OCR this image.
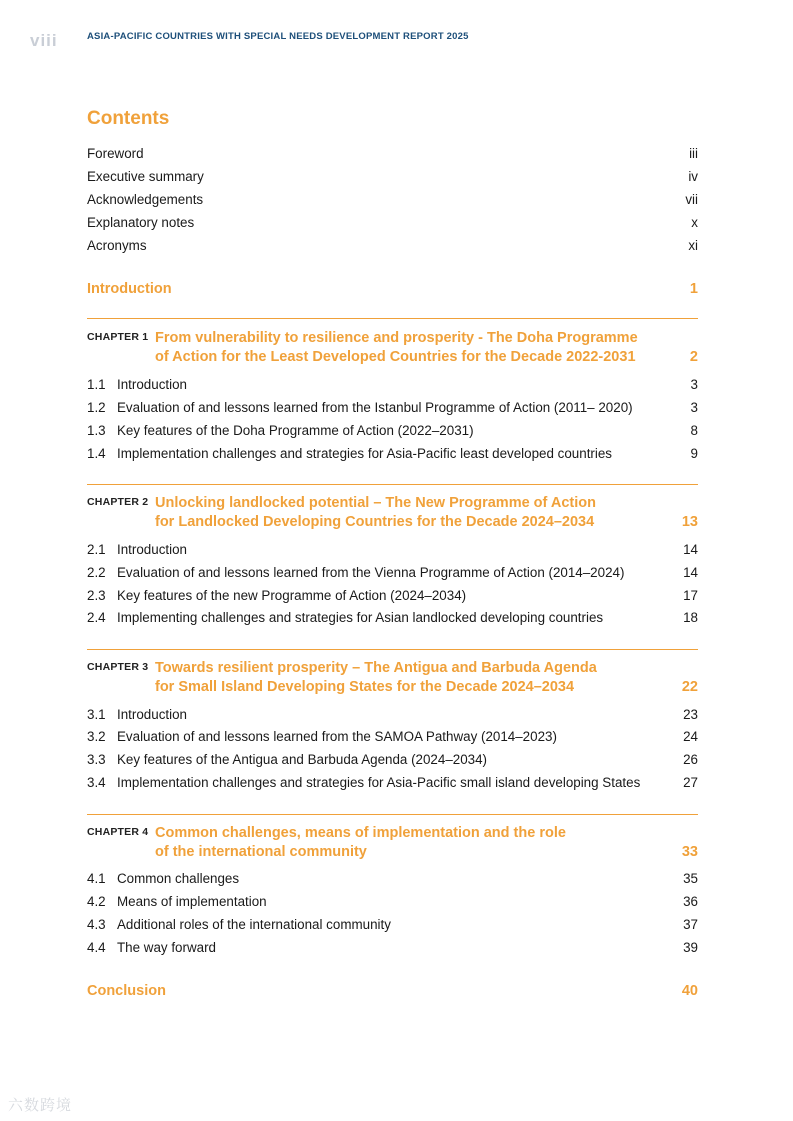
viii	ASIA-PACIFIC COUNTRIES WITH SPECIAL NEEDS DEVELOPMENT REPORT 2025
Contents
Foreword	iii
Executive summary	iv
Acknowledgements	vii
Explanatory notes	x
Acronyms	xi
Introduction	1
CHAPTER 1 From vulnerability to resilience and prosperity - The Doha Programme
of Action for the Least Developed Countries for the Decade 2022-2031	2
1.1 Introduction	3
1.2 Evaluation of and lessons learned from the Istanbul Programme of Action (2011– 2020)	3
1.3 Key features of the Doha Programme of Action (2022–2031)	8
1.4 Implementation challenges and strategies for Asia-Pacific least developed countries	9
CHAPTER 2 Unlocking landlocked potential – The New Programme of Action
for Landlocked Developing Countries for the Decade 2024–2034	13
2.1 Introduction	14
2.2 Evaluation of and lessons learned from the Vienna Programme of Action (2014–2024)	14
2.3 Key features of the new Programme of Action (2024–2034)	17
2.4 Implementing challenges and strategies for Asian landlocked developing countries	18
CHAPTER 3 Towards resilient prosperity – The Antigua and Barbuda Agenda
for Small Island Developing States for the Decade 2024–2034	22
3.1 Introduction	23
3.2 Evaluation of and lessons learned from the SAMOA Pathway (2014–2023)	24
3.3 Key features of the Antigua and Barbuda Agenda (2024–2034)	26
3.4 Implementation challenges and strategies for Asia-Pacific small island developing States	27
CHAPTER 4 Common challenges, means of implementation and the role
of the international community	33
4.1 Common challenges	35
4.2 Means of implementation	36
4.3 Additional roles of the international community	37
4.4 The way forward	39
Conclusion	40
六数跨境
